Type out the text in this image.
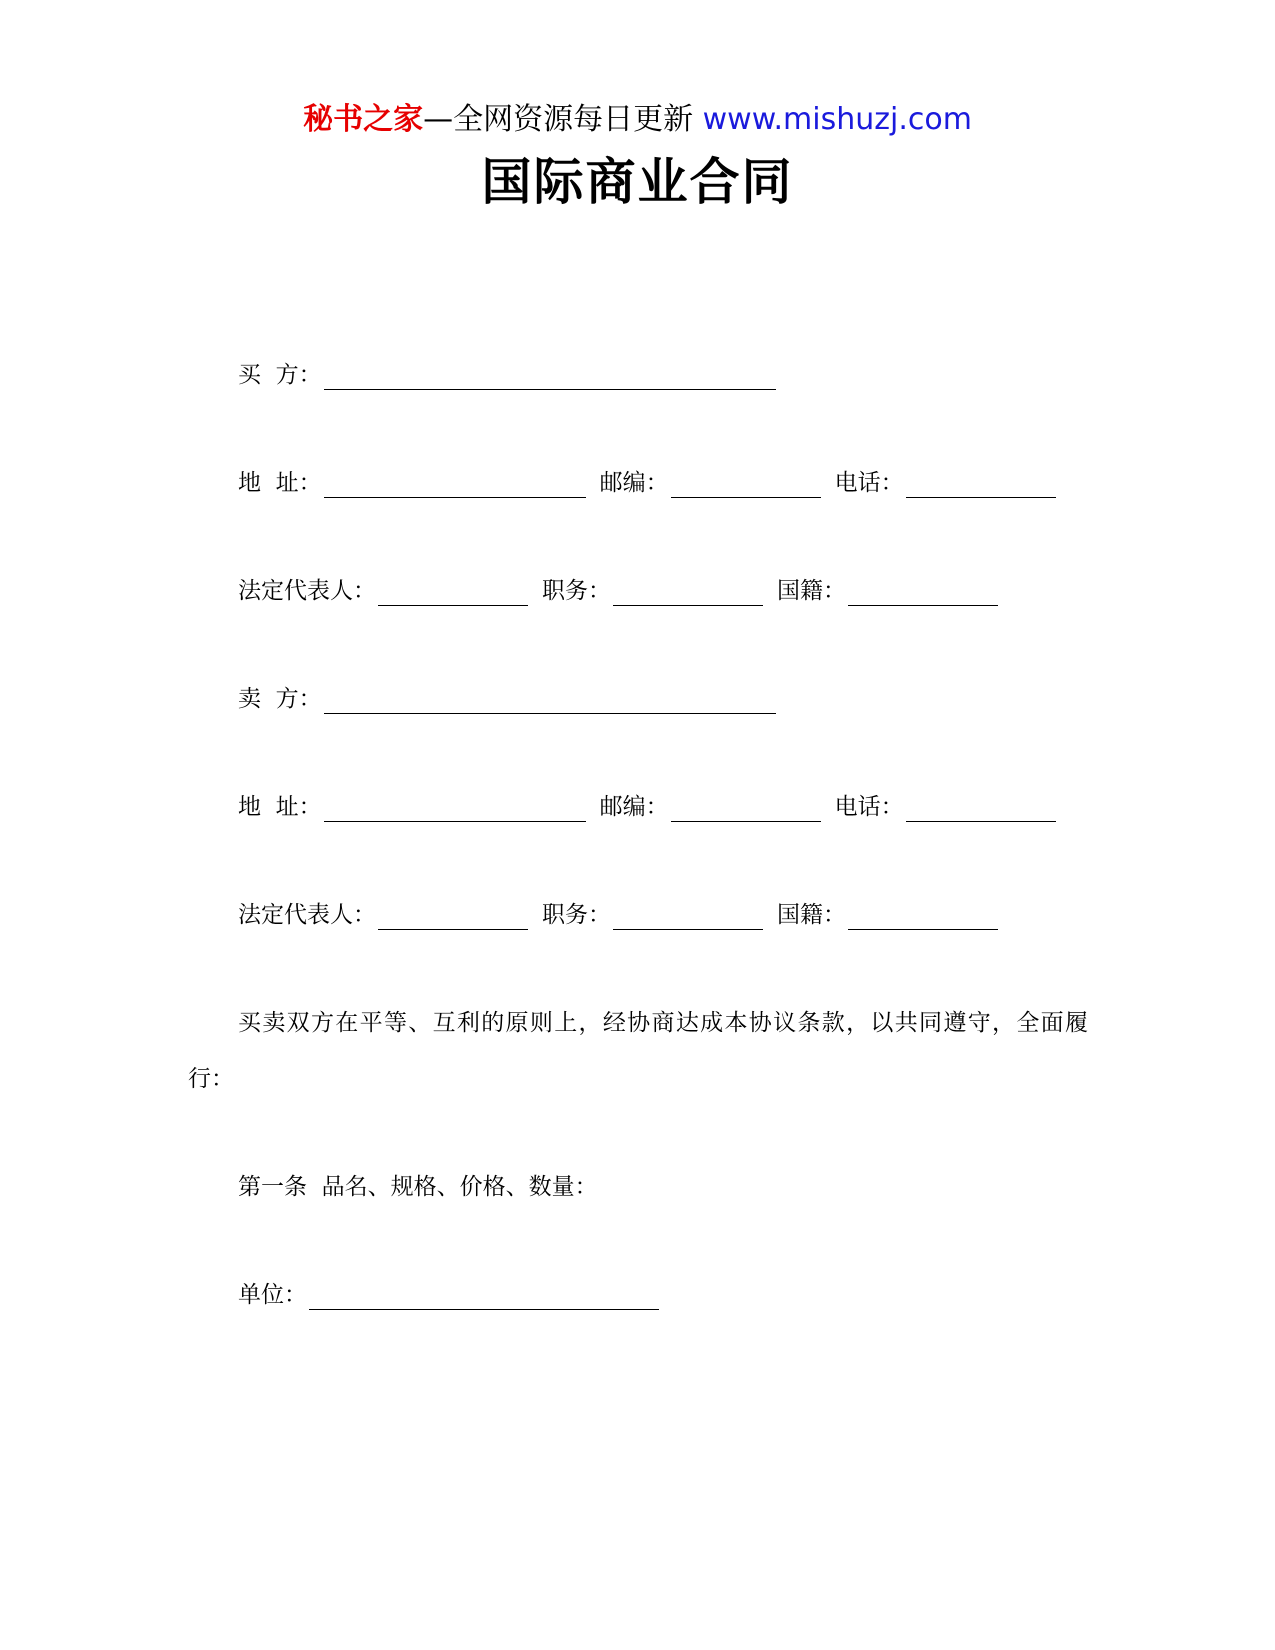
秘书之家—全网资源每日更新 www.mishuzj.com
国际商业合同
买  方：
地  址：	邮编：	电话：
法定代表人：	职务：	国籍：
卖  方：
地  址：	邮编：	电话：
法定代表人：	职务：	国籍：
买卖双方在平等、互利的原则上，经协商达成本协议条款，以共同遵守，全面履行：
第一条  品名、规格、价格、数量：
单位：
